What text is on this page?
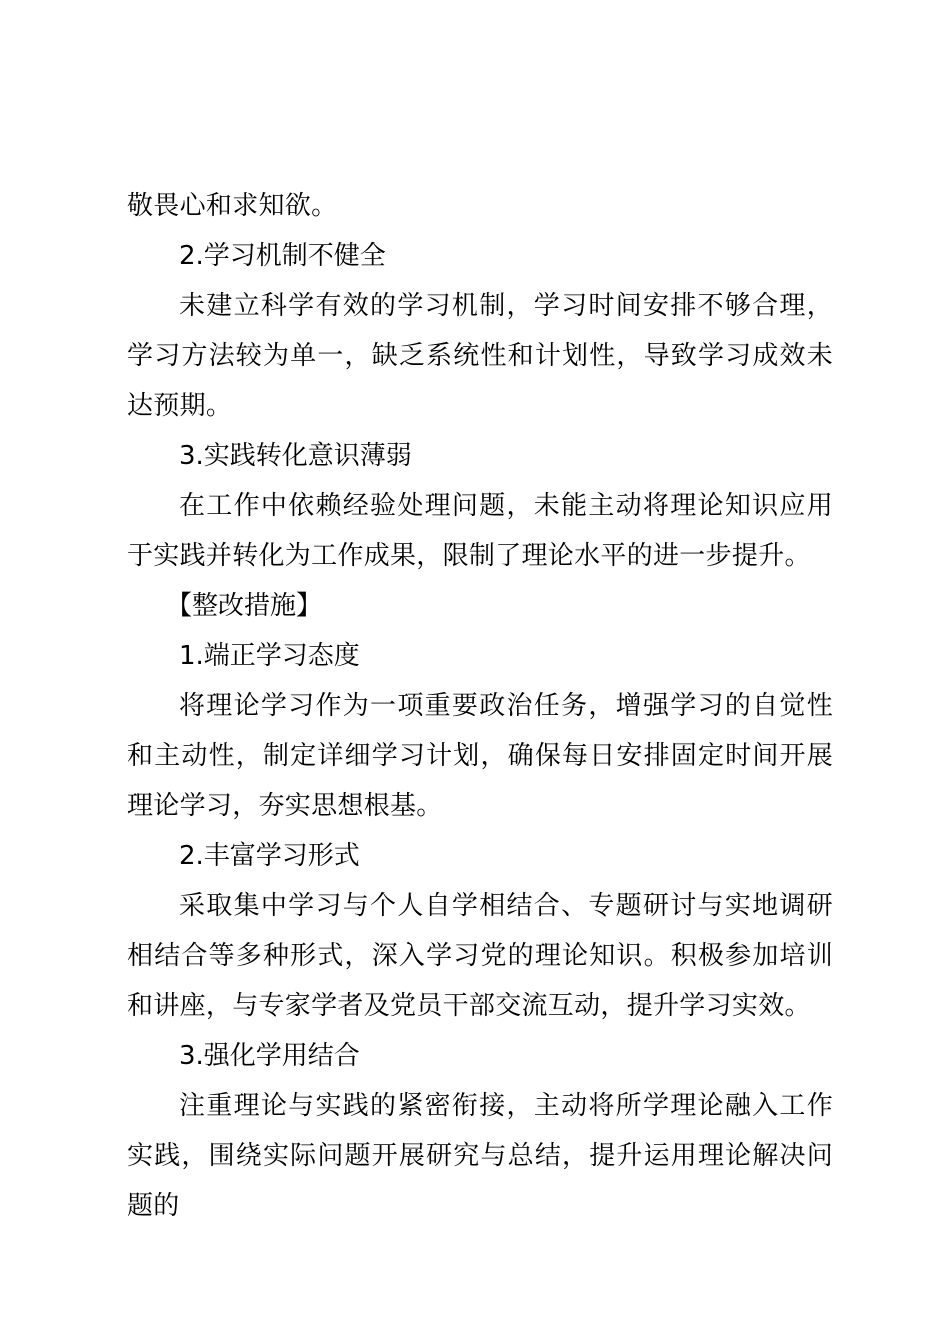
敬畏心和求知欲。

2.学习机制不健全

未建立科学有效的学习机制，学习时间安排不够合理，学习方法较为单一，缺乏系统性和计划性，导致学习成效未达预期。

3.实践转化意识薄弱

在工作中依赖经验处理问题，未能主动将理论知识应用于实践并转化为工作成果，限制了理论水平的进一步提升。

【整改措施】

1.端正学习态度

将理论学习作为一项重要政治任务，增强学习的自觉性和主动性，制定详细学习计划，确保每日安排固定时间开展理论学习，夯实思想根基。

2.丰富学习形式

采取集中学习与个人自学相结合、专题研讨与实地调研相结合等多种形式，深入学习党的理论知识。积极参加培训和讲座，与专家学者及党员干部交流互动，提升学习实效。

3.强化学用结合

注重理论与实践的紧密衔接，主动将所学理论融入工作实践，围绕实际问题开展研究与总结，提升运用理论解决问题的
